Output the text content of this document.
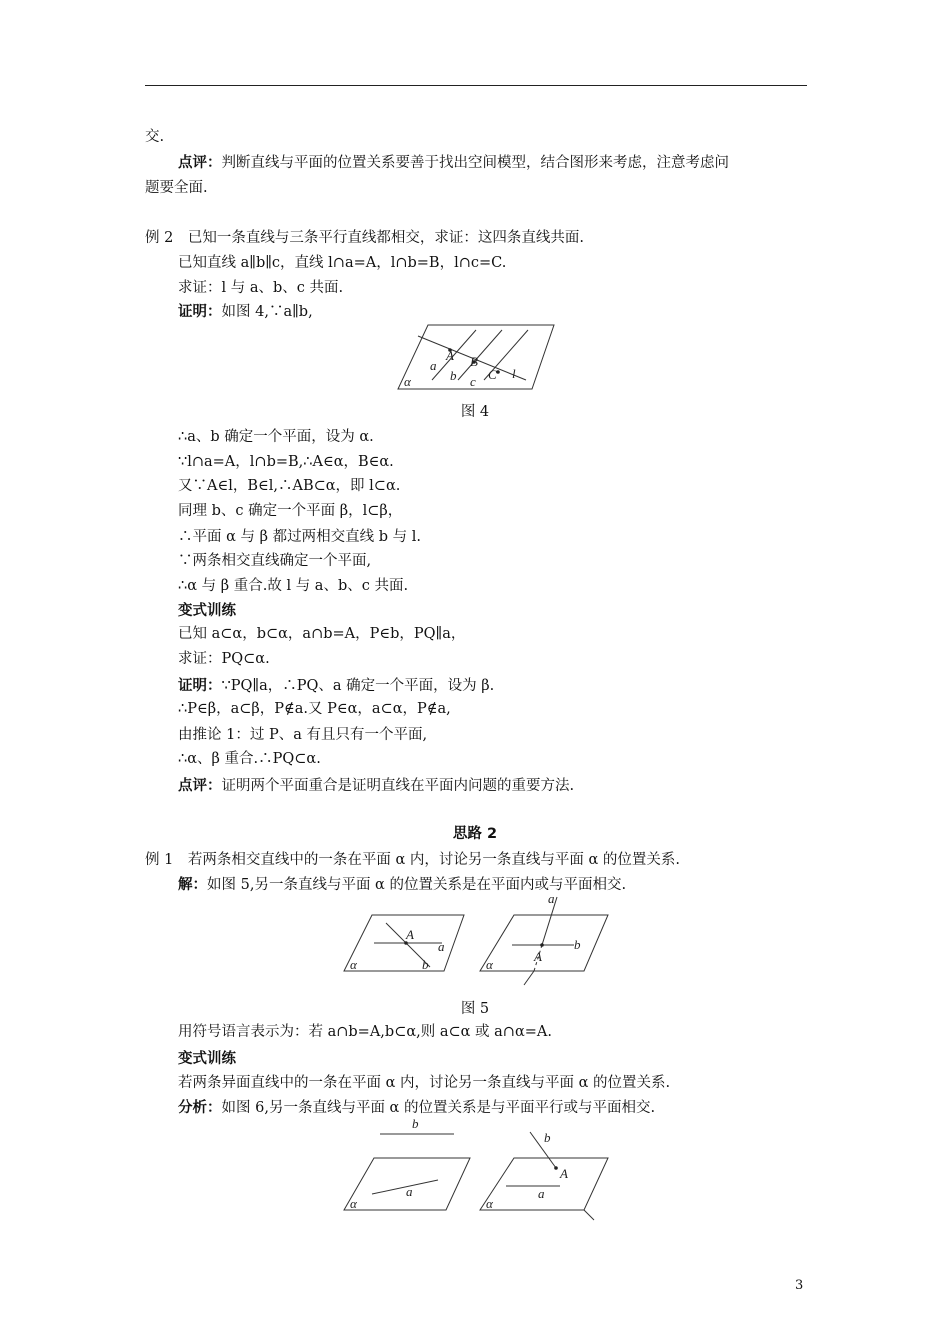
交.
点评：判断直线与平面的位置关系要善于找出空间模型，结合图形来考虑，注意考虑问
题要全面.
例 2　已知一条直线与三条平行直线都相交，求证：这四条直线共面.
已知直线 a∥b∥c，直线 l∩a=A，l∩b=B，l∩c=C.
求证：l 与 a、b、c 共面.
证明：如图 4,∵a∥b,
A B
C
a
b c
l
α
图 4
∴a、b 确定一个平面，设为 α.
∵l∩a=A，l∩b=B,∴A∈α，B∈α.
又∵A∈l，B∈l,∴AB⊂α，即 l⊂α.
同理 b、c 确定一个平面 β，l⊂β，
∴平面 α 与 β 都过两相交直线 b 与 l.
∵两条相交直线确定一个平面,
∴α 与 β 重合.故 l 与 a、b、c 共面.
变式训练
已知 a⊂α，b⊂α，a∩b=A，P∈b，PQ∥a，
求证：PQ⊂α.
证明：∵PQ∥a，∴PQ、a 确定一个平面，设为 β.
∴P∈β，a⊂β，P∉a.又 P∈α，a⊂α，P∉a,
由推论 1：过 P、a 有且只有一个平面,
∴α、β 重合.∴PQ⊂α.
点评：证明两个平面重合是证明直线在平面内问题的重要方法.
思路 2
例 1　若两条相交直线中的一条在平面 α 内，讨论另一条直线与平面 α 的位置关系.
解：如图 5,另一条直线与平面 α 的位置关系是在平面内或与平面相交.
A
a
b
α
a
b
A
α
图 5
用符号语言表示为：若 a∩b=A,b⊂α,则 a⊂α 或 a∩α=A.
变式训练
若两条异面直线中的一条在平面 α 内，讨论另一条直线与平面 α 的位置关系.
分析：如图 6,另一条直线与平面 α 的位置关系是与平面平行或与平面相交.
b
a
α
b
A
a
α
3
